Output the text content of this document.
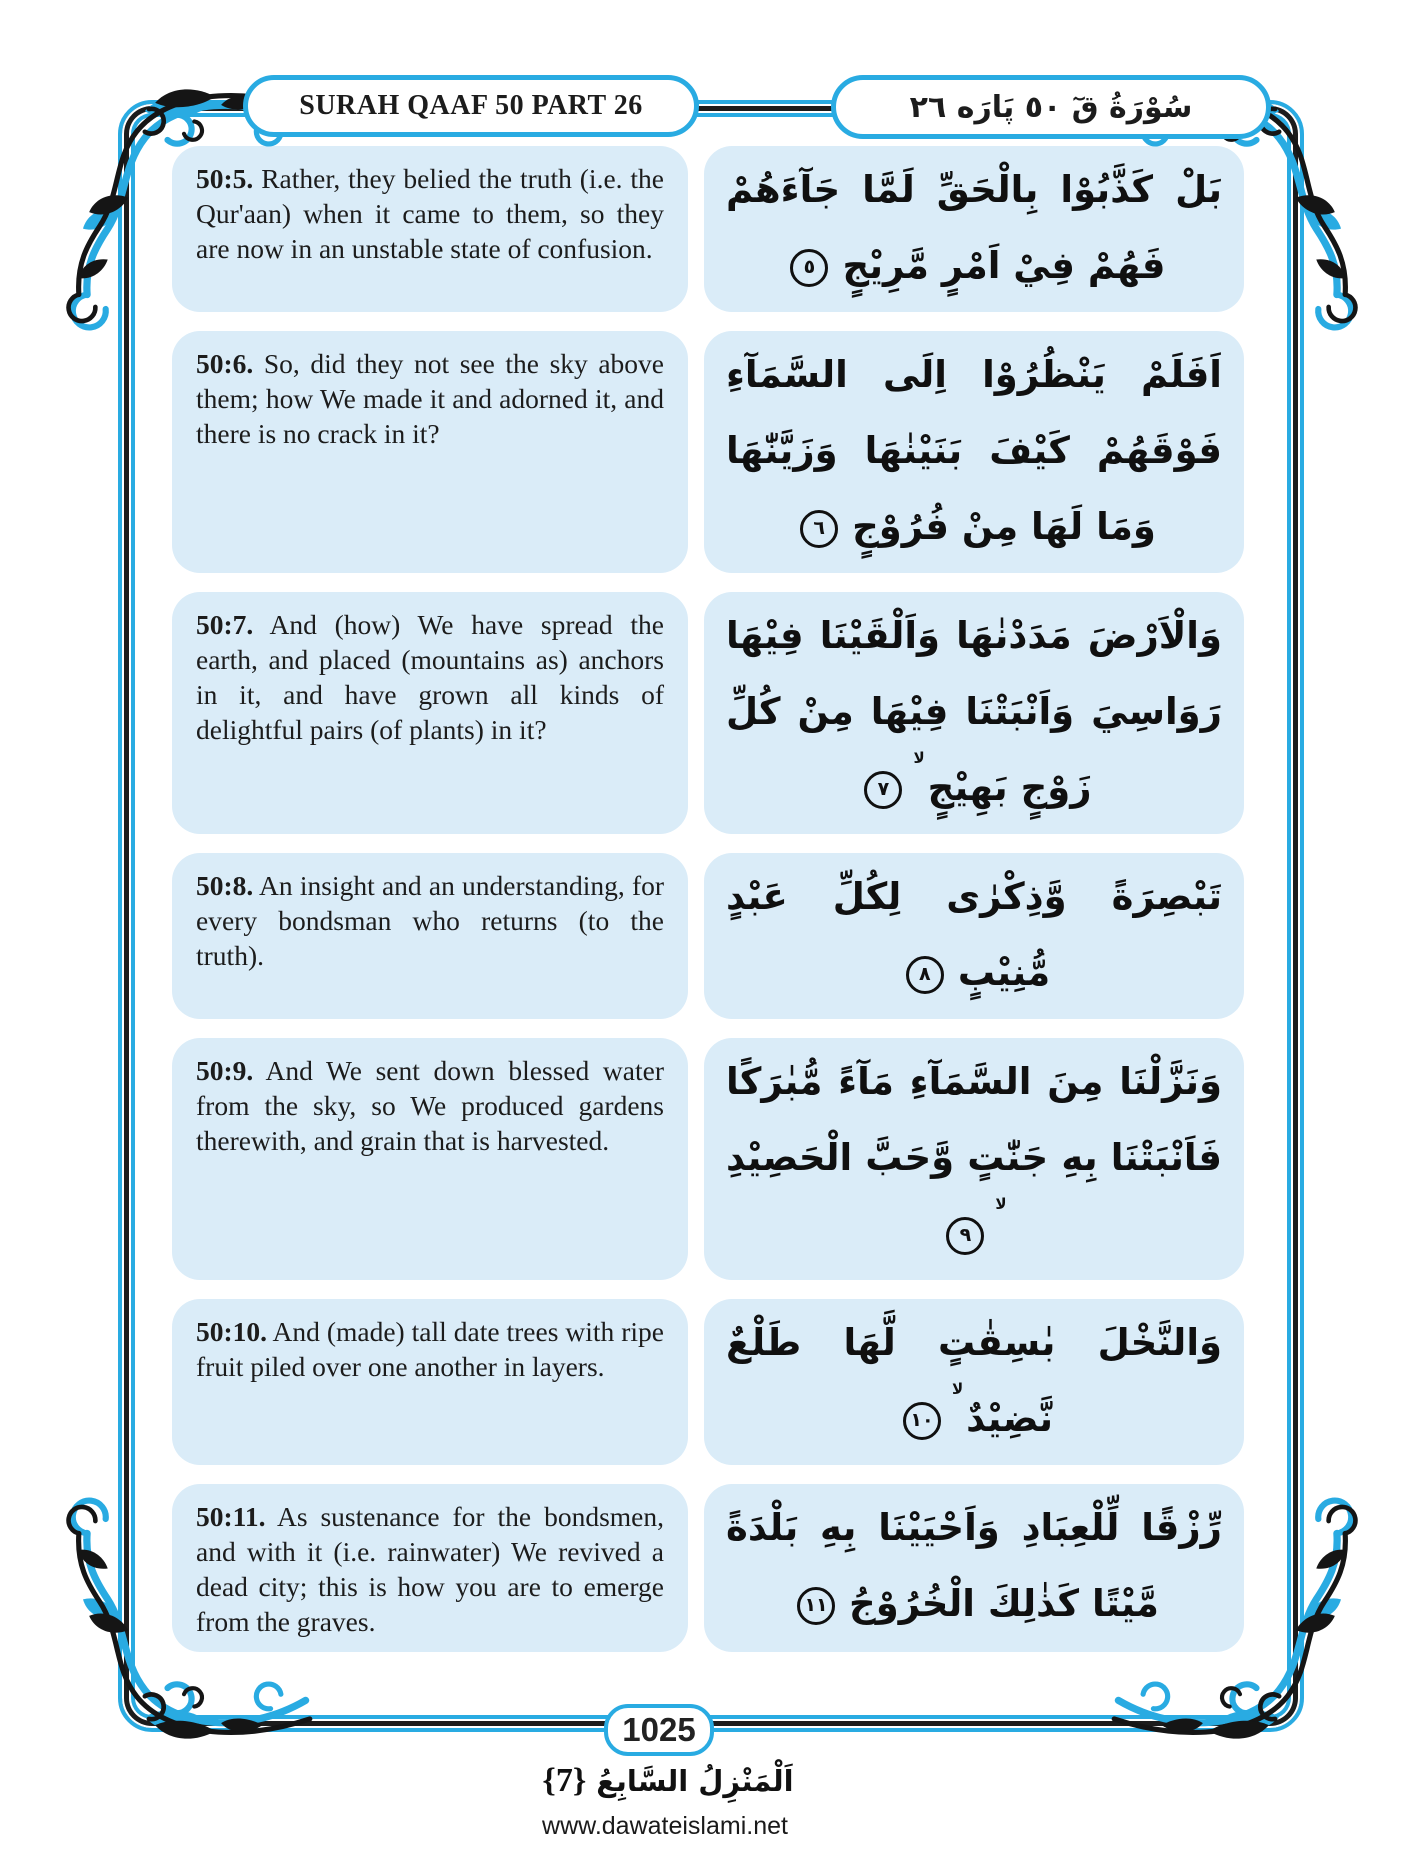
SURAH QAAF 50 PART 26	سُوْرَةُ قٓ ٥٠ پَارَه ٢٦
50:5. Rather, they belied the truth (i.e. the Qur'aan) when it came to them, so they are now in an unstable state of confusion.
بَلْ كَذَّبُوْا بِالْحَقِّ لَمَّا جَآءَهُمْ فَهُمْ فِيْ اَمْرٍ مَّرِيْجٍ٥
50:6. So, did they not see the sky above them; how We made it and adorned it, and there is no crack in it?
اَفَلَمْ يَنْظُرُوْا اِلَى السَّمَآءِ فَوْقَهُمْ كَيْفَ بَنَيْنٰهَا وَزَيَّنّٰهَا وَمَا لَهَا مِنْ فُرُوْجٍ٦
50:7. And (how) We have spread the earth, and placed (mountains as) anchors in it, and have grown all kinds of delightful pairs (of plants) in it?
وَالْاَرْضَ مَدَدْنٰهَا وَاَلْقَيْنَا فِيْهَا رَوَاسِيَ وَاَنْبَتْنَا فِيْهَا مِنْ كُلِّ زَوْجٍ بَهِيْجٍ$^{لا}$٧
50:8. An insight and an understanding, for every bondsman who returns (to the truth).
تَبْصِرَةً وَّذِكْرٰى لِكُلِّ عَبْدٍ مُّنِيْبٍ٨
50:9. And We sent down blessed water from the sky, so We produced gardens therewith, and grain that is harvested.
وَنَزَّلْنَا مِنَ السَّمَآءِ مَآءً مُّبٰرَكًا فَاَنْبَتْنَا بِهِ جَنّٰتٍ وَّحَبَّ الْحَصِيْدِ$^{لا}$٩
50:10. And (made) tall date trees with ripe fruit piled over one another in layers.
وَالنَّخْلَ بٰسِقٰتٍ لَّهَا طَلْعٌ نَّضِيْدٌ$^{لا}$١٠
50:11. As sustenance for the bondsmen, and with it (i.e. rainwater) We revived a dead city; this is how you are to emerge from the graves.
رِّزْقًا لِّلْعِبَادِ وَاَحْيَيْنَا بِهِ بَلْدَةً مَّيْتًا كَذٰلِكَ الْخُرُوْجُ١١
1025
اَلْمَنْزِلُ السَّابِعُ {7}
www.dawateislami.net
